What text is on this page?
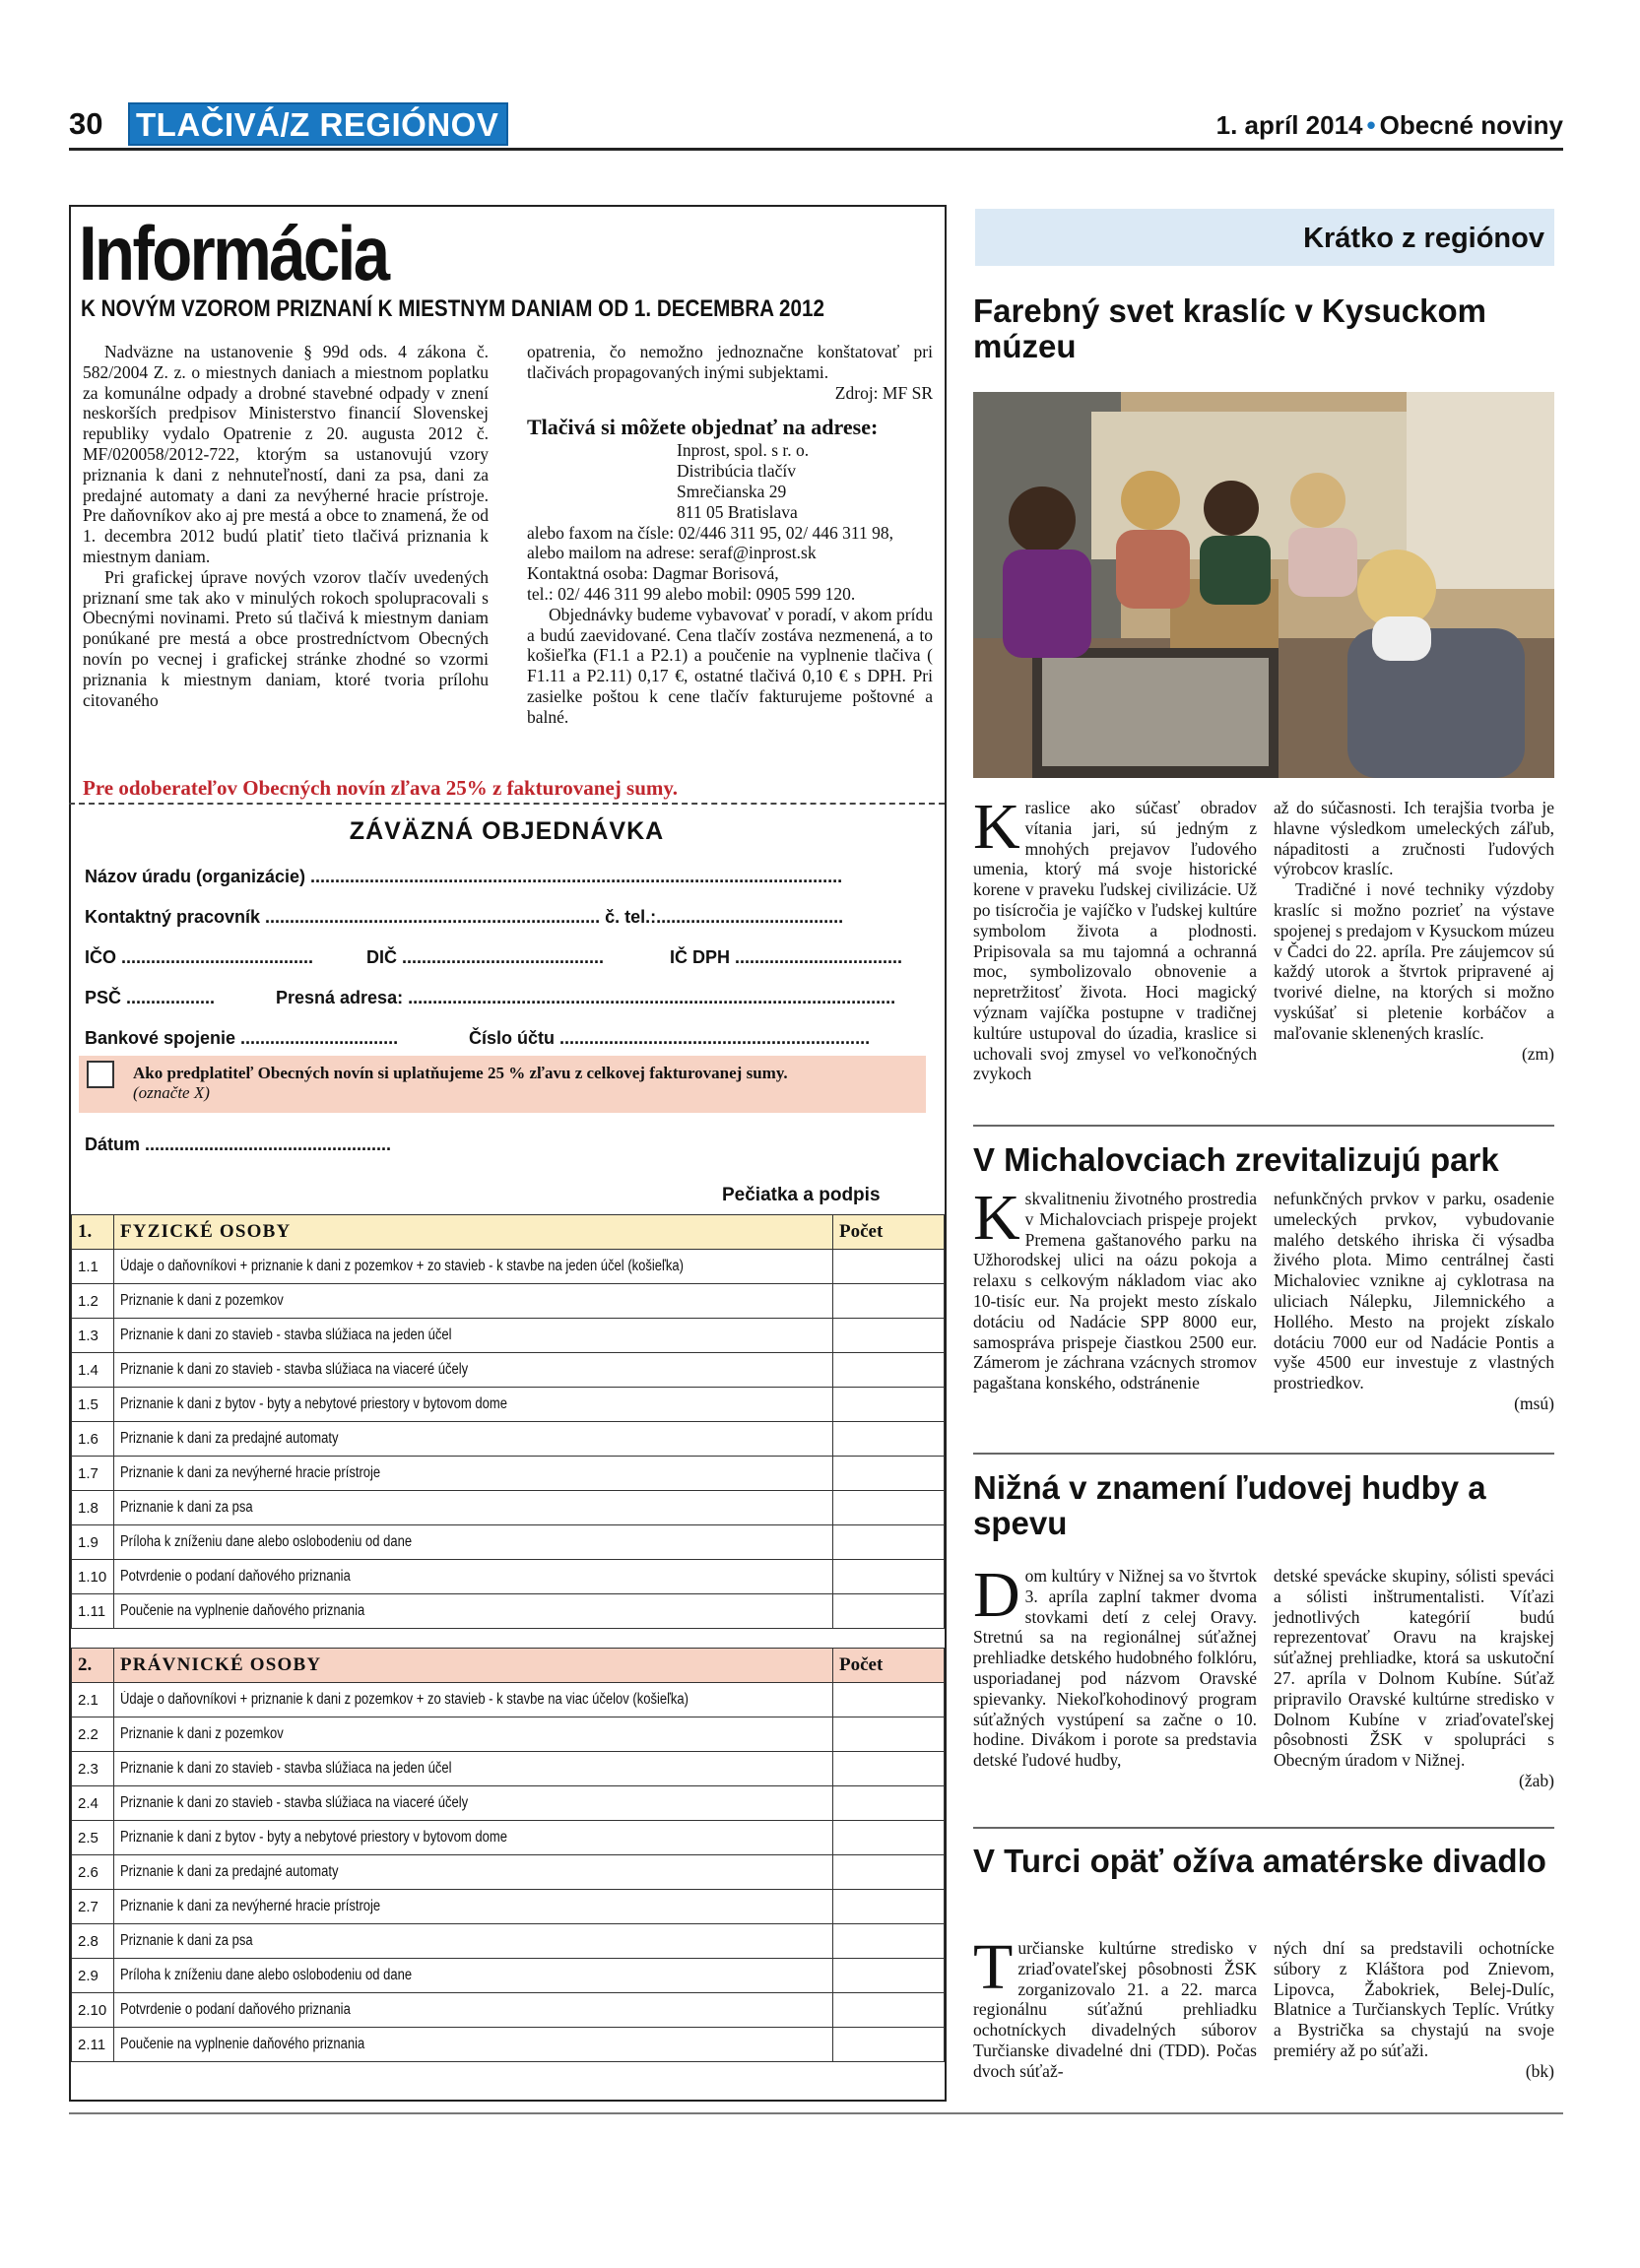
30 TLAČIVÁ/Z REGIÓNOV	1. apríl 2014 • Obecné noviny
Informácia
K NOVÝM VZOROM PRIZNANÍ K MIESTNYM DANIAM OD 1. DECEMBRA 2012
Nadväzne na ustanovenie § 99d ods. 4 zákona č. 582/2004 Z. z. o miestnych daniach a miestnom poplatku za komunálne odpady a drobné stavebné odpady v znení neskorších predpisov Ministerstvo financií Slovenskej republiky vydalo Opatrenie z 20. augusta 2012 č. MF/020058/2012-722, ktorým sa ustanovujú vzory priznania k dani z nehnuteľností, dani za psa, dani za predajné automaty a dani za nevýherné hracie prístroje. Pre daňovníkov ako aj pre mestá a obce to znamená, že od 1. decembra 2012 budú platiť tieto tlačivá priznania k miestnym daniam.
Pri grafickej úprave nových vzorov tlačív uvedených priznaní sme tak ako v minulých rokoch spolupracovali s Obecnými novinami. Preto sú tlačivá k miestnym daniam ponúkané pre mestá a obce prostredníctvom Obecných novín po vecnej i grafickej stránke zhodné so vzormi priznania k miestnym daniam, ktoré tvoria prílohu citovaného
opatrenia, čo nemožno jednoznačne konštatovať pri tlačivách propagovaných inými subjektami.
Zdroj: MF SR
Tlačivá si môžete objednať na adrese:
Inprost, spol. s r. o.
Distribúcia tlačív
Smrečianska 29
811 05 Bratislava
alebo faxom na čísle: 02/446 311 95, 02/ 446 311 98,
alebo mailom na adrese: seraf@inprost.sk
Kontaktná osoba: Dagmar Borisová,
tel.: 02/ 446 311 99 alebo mobil: 0905 599 120.
Objednávky budeme vybavovať v poradí, v akom prídu a budú zaevidované. Cena tlačív zostáva nezmenená, a to košieľka (F1.1 a P2.1) a poučenie na vyplnenie tlačiva ( F1.11 a P2.11) 0,17 €, ostatné tlačivá 0,10 € s DPH. Pri zasielke poštou k cene tlačív fakturujeme poštovné a balné.
Pre odoberateľov Obecných novín zľava 25% z fakturovanej sumy.
ZÁVÄZNÁ OBJEDNÁVKA
Názov úradu (organizácie) ............................................................................................................
Kontaktný pracovník .................................................................... č. tel.:......................................
IČO .......................................	DIČ .........................................	IČ DPH ..................................
PSČ ..................	Presná adresa: ...................................................................................................
Bankové spojenie ................................	Číslo účtu ...............................................................
Ako predplatiteľ Obecných novín si uplatňujeme 25 % zľavu z celkovej fakturovanej sumy.
(označte X)
Dátum ..................................................
Pečiatka a podpis
1.	FYZICKÉ OSOBY	Počet
1.1	Údaje o daňovníkovi + priznanie k dani z pozemkov + zo stavieb - k stavbe na jeden účel (košieľka)	
1.2	Priznanie k dani z pozemkov	
1.3	Priznanie k dani zo stavieb - stavba slúžiaca na jeden účel	
1.4	Priznanie k dani zo stavieb - stavba slúžiaca na viaceré účely	
1.5	Priznanie k dani z bytov - byty a nebytové priestory v bytovom dome	
1.6	Priznanie k dani za predajné automaty	
1.7	Priznanie k dani za nevýherné hracie prístroje	
1.8	Priznanie k dani za psa	
1.9	Príloha k zníženiu dane alebo oslobodeniu od dane	
1.10	Potvrdenie o podaní daňového priznania	
1.11	Poučenie na vyplnenie daňového priznania	
2.	PRÁVNICKÉ OSOBY	Počet
2.1	Údaje o daňovníkovi + priznanie k dani z pozemkov + zo stavieb - k stavbe na viac účelov (košieľka)	
2.2	Priznanie k dani z pozemkov	
2.3	Priznanie k dani zo stavieb - stavba slúžiaca na jeden účel	
2.4	Priznanie k dani zo stavieb - stavba slúžiaca na viaceré účely	
2.5	Priznanie k dani z bytov - byty a nebytové priestory v bytovom dome	
2.6	Priznanie k dani za predajné automaty	
2.7	Priznanie k dani za nevýherné hracie prístroje	
2.8	Priznanie k dani za psa	
2.9	Príloha k zníženiu dane alebo oslobodeniu od dane	
2.10	Potvrdenie o podaní daňového priznania	
2.11	Poučenie na vyplnenie daňového priznania	
Krátko z regiónov
Farebný svet kraslíc v Kysuckom múzeu
Kraslice ako súčasť obradov vítania jari, sú jedným z mnohých prejavov ľudového umenia, ktorý má svoje historické korene v praveku ľudskej civilizácie. Už po tisícročia je vajíčko v ľudskej kultúre symbolom života a plodnosti. Pripisovala sa mu tajomná a ochranná moc, symbolizovalo obnovenie a nepretržitosť života. Hoci magický význam vajíčka postupne v tradičnej kultúre ustupoval do úzadia, kraslice si uchovali svoj zmysel vo veľkonočných zvykoch
až do súčasnosti. Ich terajšia tvorba je hlavne výsledkom umeleckých záľub, nápaditosti a zručnosti ľudových výrobcov kraslíc.
Tradičné i nové techniky výzdoby kraslíc si možno pozrieť na výstave spojenej s predajom v Kysuckom múzeu v Čadci do 22. apríla. Pre záujemcov sú každý utorok a štvrtok pripravené aj tvorivé dielne, na ktorých si možno vyskúšať si pletenie korbáčov a maľovanie sklenených kraslíc.
(zm)
V Michalovciach zrevitalizujú park
Kskvalitneniu životného prostredia v Michalovciach prispeje projekt Premena gaštanového parku na Užhorodskej ulici na oázu pokoja a relaxu s celkovým nákladom viac ako 10-tisíc eur. Na projekt mesto získalo dotáciu od Nadácie SPP 8000 eur, samospráva prispeje čiastkou 2500 eur. Zámerom je záchrana vzácnych stromov pagaštana konského, odstránenie
nefunkčných prvkov v parku, osadenie umeleckých prvkov, vybudovanie malého detského ihriska či výsadba živého plota. Mimo centrálnej časti Michaloviec vznikne aj cyklotrasa na uliciach Nálepku, Jilemnického a Hollého. Mesto na projekt získalo dotáciu 7000 eur od Nadácie Pontis a vyše 4500 eur investuje z vlastných prostriedkov.
(msú)
Nižná v znamení ľudovej hudby a spevu
Dom kultúry v Nižnej sa vo štvrtok 3. apríla zaplní takmer dvoma stovkami detí z celej Oravy. Stretnú sa na regionálnej súťažnej prehliadke detského hudobného folklóru, usporiadanej pod názvom Oravské spievanky. Niekoľkohodinový program súťažných vystúpení sa začne o 10. hodine. Divákom i porote sa predstavia detské ľudové hudby,
detské spevácke skupiny, sólisti speváci a sólisti inštrumentalisti. Víťazi jednotlivých kategórií budú reprezentovať Oravu na krajskej súťažnej prehliadke, ktorá sa uskutoční 27. apríla v Dolnom Kubíne. Súťaž pripravilo Oravské kultúrne stredisko v Dolnom Kubíne v zriaďovateľskej pôsobnosti ŽSK v spolupráci s Obecným úradom v Nižnej.
(žab)
V Turci opäť ožíva amatérske divadlo
Turčianske kultúrne stredisko v zriaďovateľskej pôsobnosti ŽSK zorganizovalo 21. a 22. marca regionálnu súťažnú prehliadku ochotníckych divadelných súborov Turčianske divadelné dni (TDD). Počas dvoch súťaž-
ných dní sa predstavili ochotnícke súbory z Kláštora pod Znievom, Lipovca, Žabokriek, Belej-Dulíc, Blatnice a Turčianskych Teplíc. Vrútky a Bystrička sa chystajú na svoje premiéry až po súťaži.
(bk)
